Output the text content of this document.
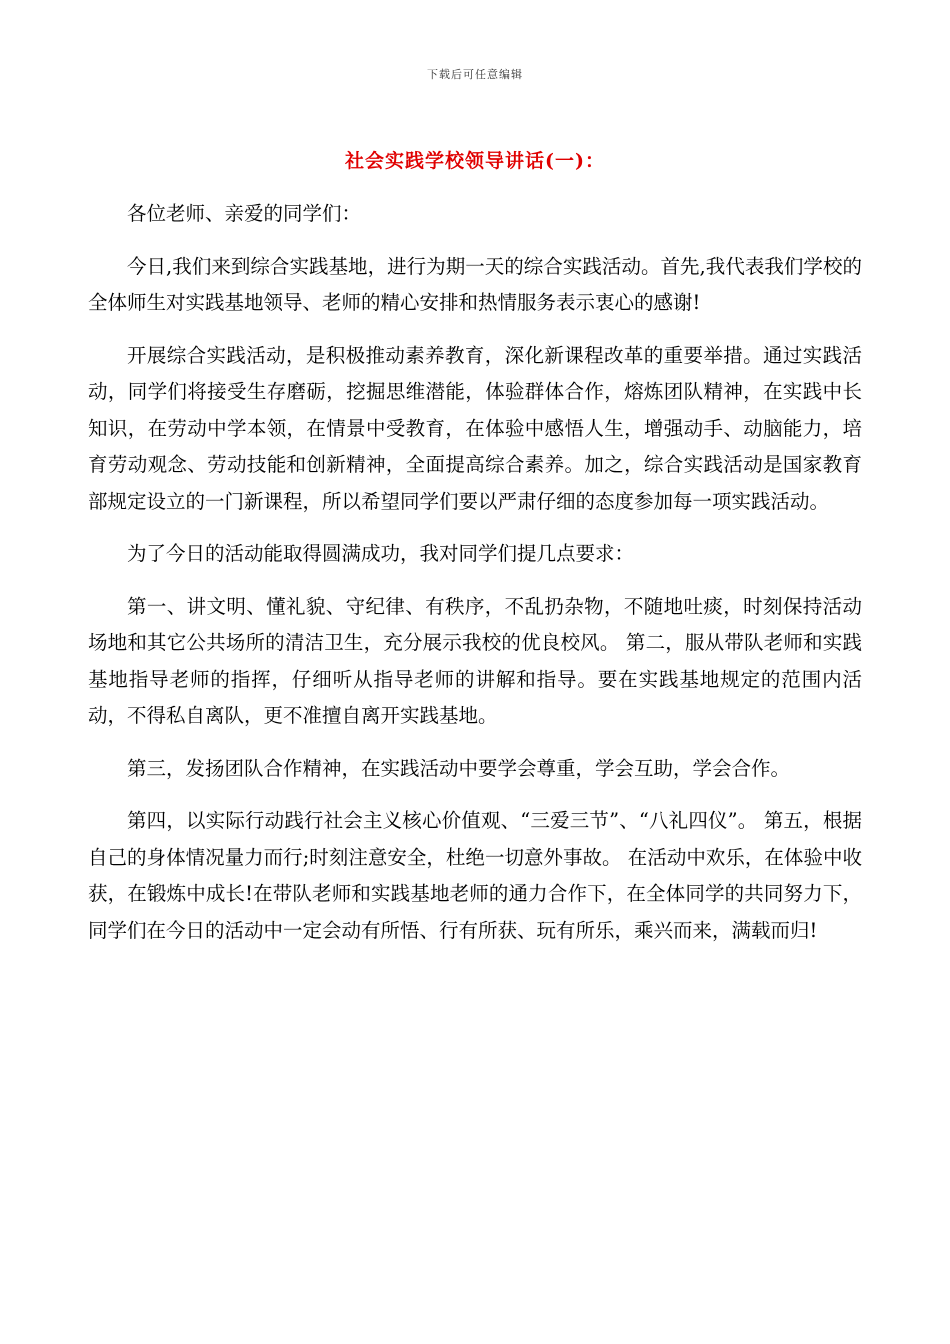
下载后可任意编辑
社会实践学校领导讲话(一)：

各位老师、亲爱的同学们：

今日,我们来到综合实践基地，进行为期一天的综合实践活动。首先,我代表我们学校的全体师生对实践基地领导、老师的精心安排和热情服务表示衷心的感谢!

开展综合实践活动，是积极推动素养教育，深化新课程改革的重要举措。通过实践活动，同学们将接受生存磨砺，挖掘思维潜能，体验群体合作，熔炼团队精神，在实践中长知识，在劳动中学本领，在情景中受教育，在体验中感悟人生，增强动手、动脑能力，培育劳动观念、劳动技能和创新精神，全面提高综合素养。加之，综合实践活动是国家教育部规定设立的一门新课程，所以希望同学们要以严肃仔细的态度参加每一项实践活动。

为了今日的活动能取得圆满成功，我对同学们提几点要求：

第一、讲文明、懂礼貌、守纪律、有秩序，不乱扔杂物，不随地吐痰，时刻保持活动场地和其它公共场所的清洁卫生，充分展示我校的优良校风。 第二，服从带队老师和实践基地指导老师的指挥，仔细听从指导老师的讲解和指导。要在实践基地规定的范围内活动，不得私自离队，更不准擅自离开实践基地。

第三，发扬团队合作精神，在实践活动中要学会尊重，学会互助，学会合作。

第四，以实际行动践行社会主义核心价值观、“三爱三节”、“八礼四仪”。 第五，根据自己的身体情况量力而行;时刻注意安全，杜绝一切意外事故。 在活动中欢乐，在体验中收获，在锻炼中成长!在带队老师和实践基地老师的通力合作下，在全体同学的共同努力下，同学们在今日的活动中一定会动有所悟、行有所获、玩有所乐，乘兴而来，满载而归!
